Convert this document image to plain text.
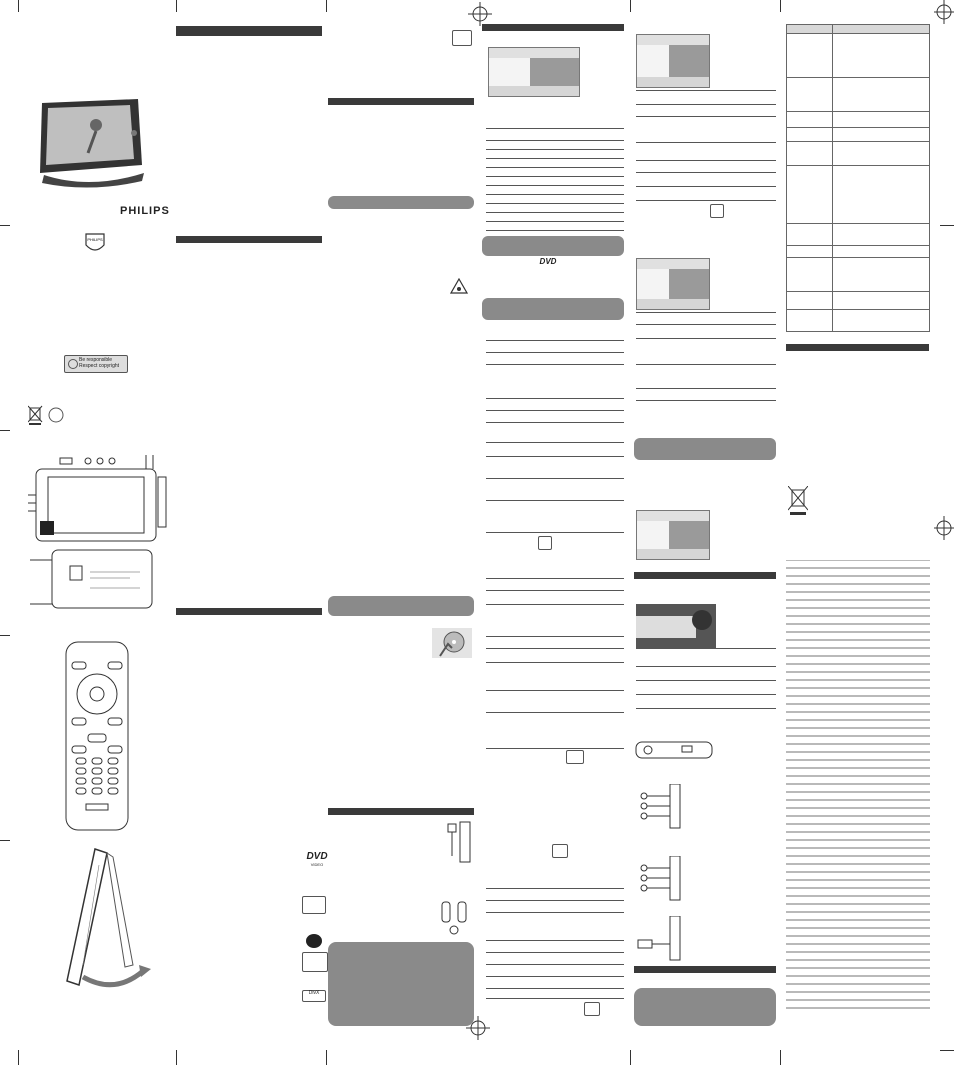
PHILIPS
PHILIPS
Be responsible
Respect copyright
DVD
VIDEO
DivX
DVD
